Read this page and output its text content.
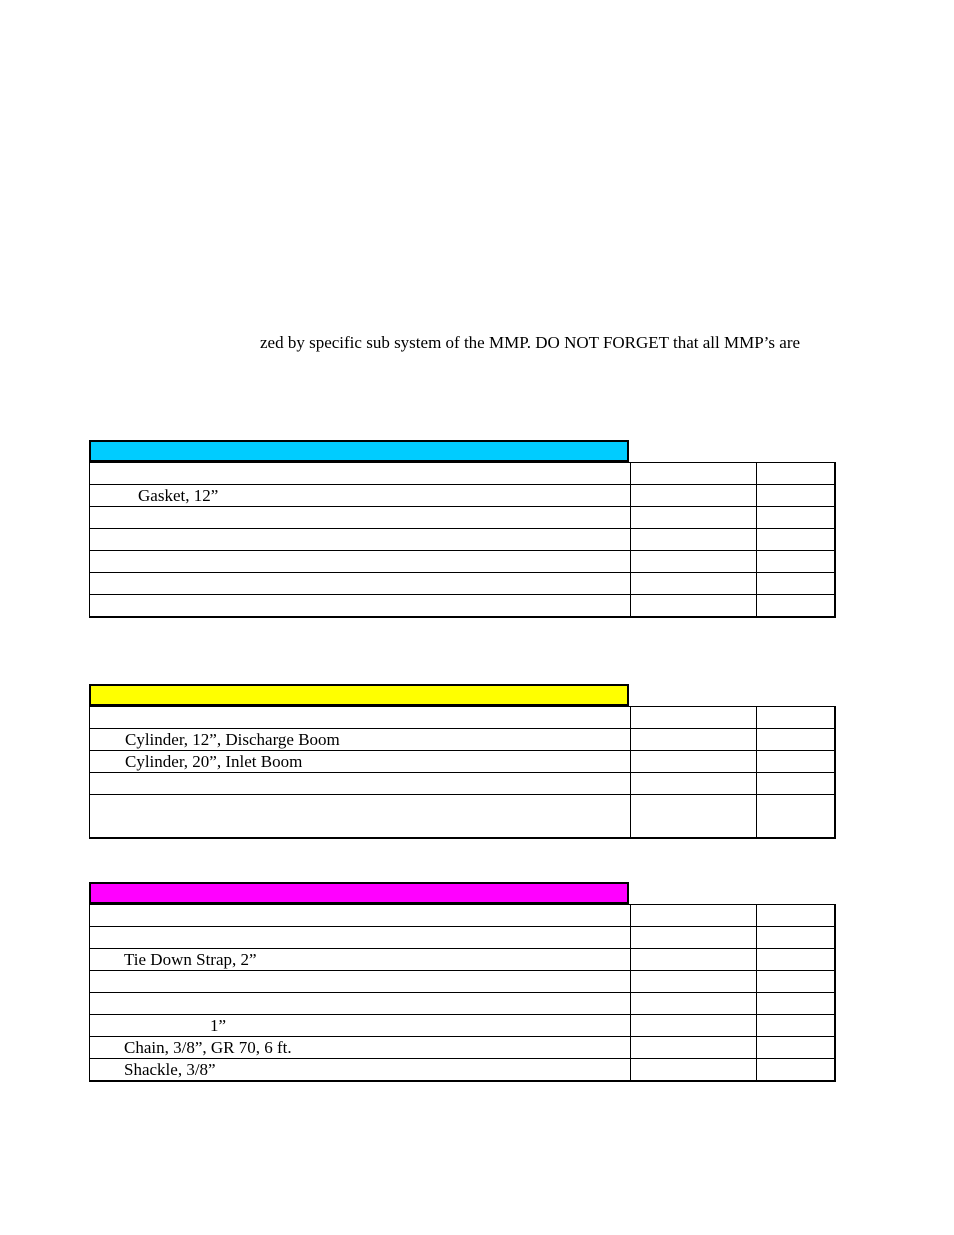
zed by specific sub system of the MMP. DO NOT FORGET that all MMP’s are

Gasket, 12”		

Cylinder, 12”, Discharge Boom		
Cylinder, 20”, Inlet Boom		

Tie Down Strap, 2”		

1”		
Chain, 3/8”, GR 70, 6 ft.		
Shackle, 3/8”		
